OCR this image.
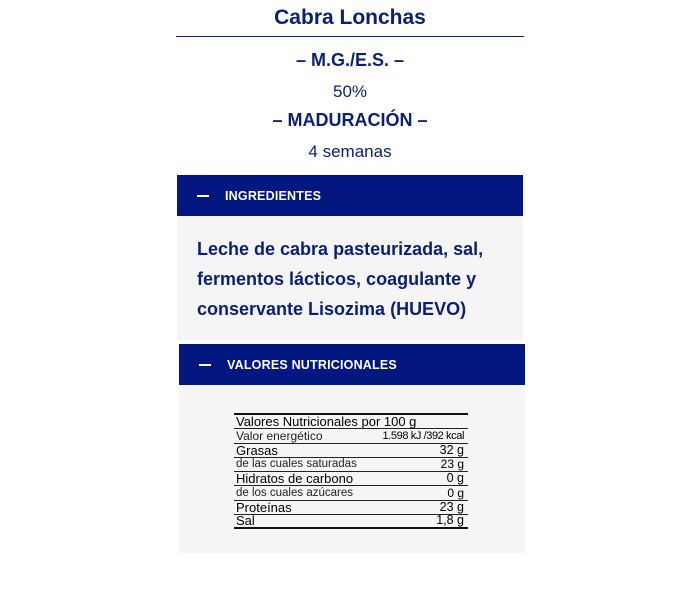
Cabra Lonchas
– M.G./E.S. –
50%
– MADURACIÓN –
4 semanas
INGREDIENTES

Leche de cabra pasteurizada, sal, fermentos lácticos, coagulante y conservante Lisozima (HUEVO)

VALORES NUTRICIONALES
Valores Nutricionales por 100 g
Valor energético	1.598 kJ /392 kcal
Grasas	32 g
de las cuales saturadas	23 g
Hidratos de carbono	0 g
de los cuales azúcares	0 g
Proteínas	23 g
Sal	1,8 g
